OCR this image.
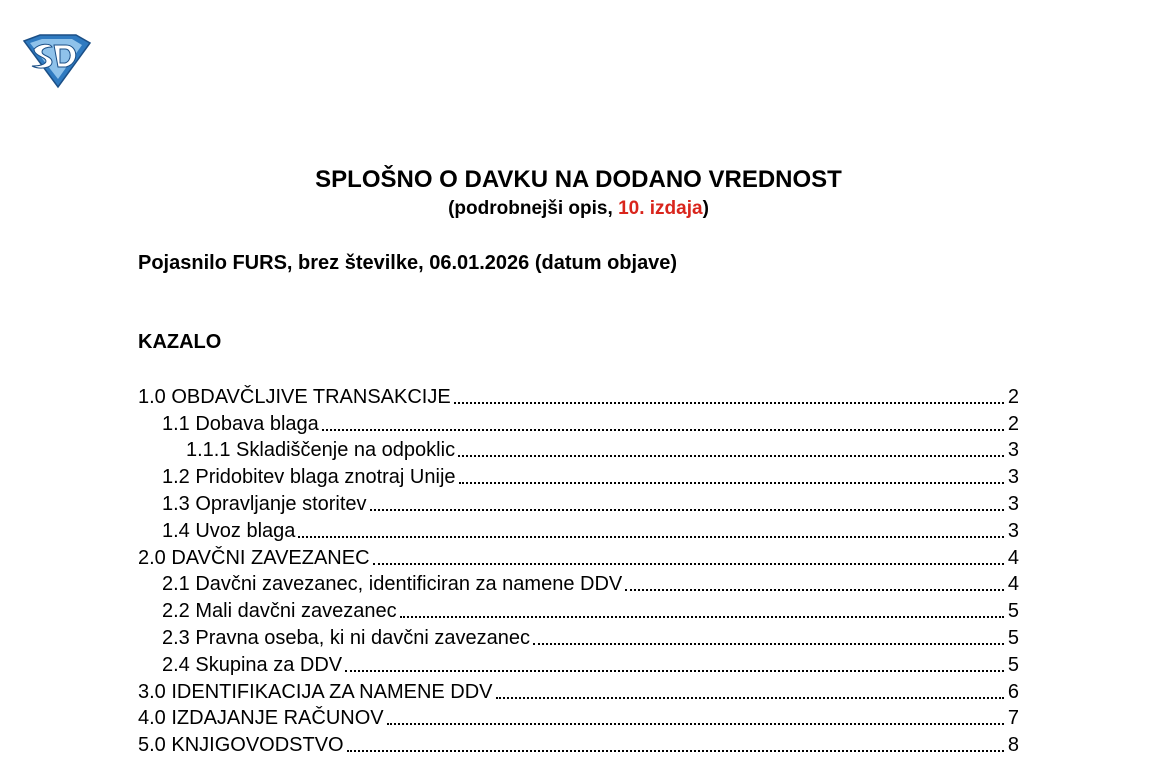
SPLOŠNO O DAVKU NA DODANO VREDNOST
(podrobnejši opis, 10. izdaja)
Pojasnilo FURS, brez številke, 06.01.2026 (datum objave)
KAZALO
1.0 OBDAVČLJIVE TRANSAKCIJE	2
1.1 Dobava blaga	2
1.1.1 Skladiščenje na odpoklic	3
1.2 Pridobitev blaga znotraj Unije	3
1.3 Opravljanje storitev	3
1.4 Uvoz blaga	3
2.0 DAVČNI ZAVEZANEC	4
2.1 Davčni zavezanec, identificiran za namene DDV	4
2.2 Mali davčni zavezanec	5
2.3 Pravna oseba, ki ni davčni zavezanec	5
2.4 Skupina za DDV	5
3.0 IDENTIFIKACIJA ZA NAMENE DDV	6
4.0 IZDAJANJE RAČUNOV	7
5.0 KNJIGOVODSTVO	8
